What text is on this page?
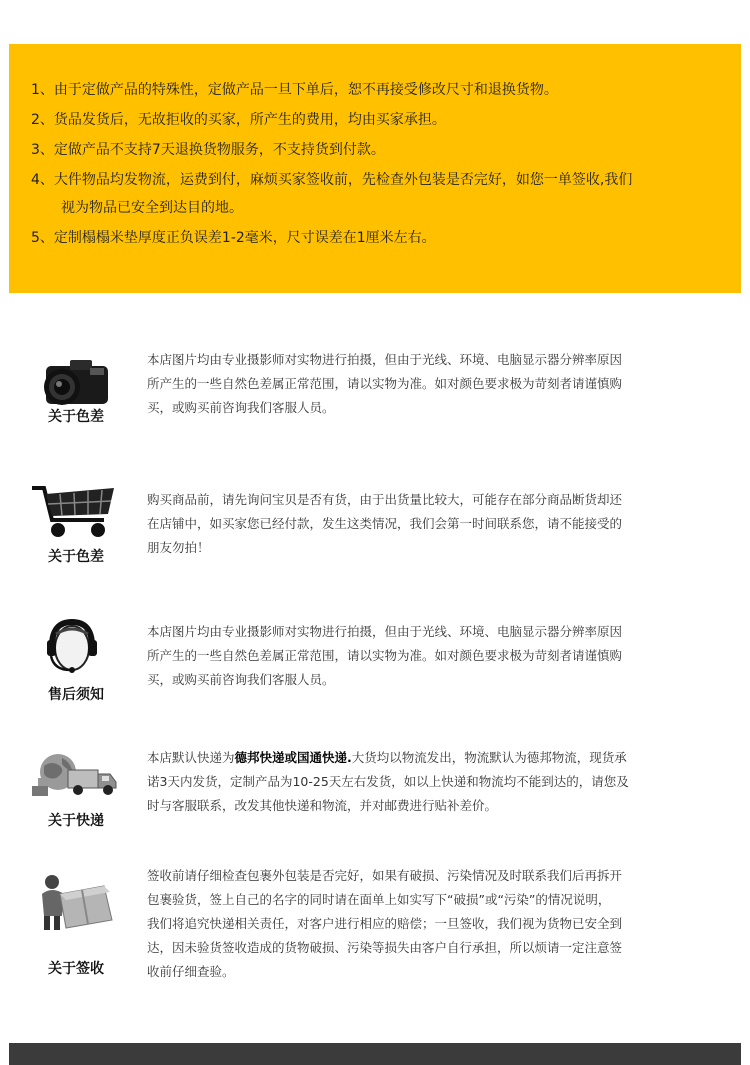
1、由于定做产品的特殊性，定做产品一旦下单后，恕不再接受修改尺寸和退换货物。
2、货品发货后，无故拒收的买家，所产生的费用，均由买家承担。
3、定做产品不支持7天退换货物服务，不支持货到付款。
4、大件物品均发物流，运费到付，麻烦买家签收前，先检查外包装是否完好，如您一单签收,我们
视为物品已安全到达目的地。
5、定制榻榻米垫厚度正负误差1-2毫米，尺寸误差在1厘米左右。
关于色差
本店图片均由专业摄影师对实物进行拍摄，但由于光线、环境、电脑显示器分辨率原因
所产生的一些自然色差属正常范围，请以实物为准。如对颜色要求极为苛刻者请谨慎购
买，或购买前咨询我们客服人员。
关于色差
购买商品前，请先询问宝贝是否有货，由于出货量比较大，可能存在部分商品断货却还
在店铺中，如买家您已经付款，发生这类情况，我们会第一时间联系您，请不能接受的
朋友勿拍！
售后须知
本店图片均由专业摄影师对实物进行拍摄，但由于光线、环境、电脑显示器分辨率原因
所产生的一些自然色差属正常范围，请以实物为准。如对颜色要求极为苛刻者请谨慎购
买，或购买前咨询我们客服人员。
关于快递
本店默认快递为德邦快递或国通快递.大货均以物流发出，物流默认为德邦物流，现货承
诺3天内发货，定制产品为10-25天左右发货，如以上快递和物流均不能到达的，请您及
时与客服联系，改发其他快递和物流，并对邮费进行贴补差价。
关于签收
签收前请仔细检查包裹外包装是否完好，如果有破损、污染情况及时联系我们后再拆开
包裹验货，签上自己的名字的同时请在面单上如实写下“破损”或“污染”的情况说明，
我们将追究快递相关责任，对客户进行相应的赔偿；一旦签收，我们视为货物已安全到
达，因未验货签收造成的货物破损、污染等损失由客户自行承担，所以烦请一定注意签
收前仔细查验。
